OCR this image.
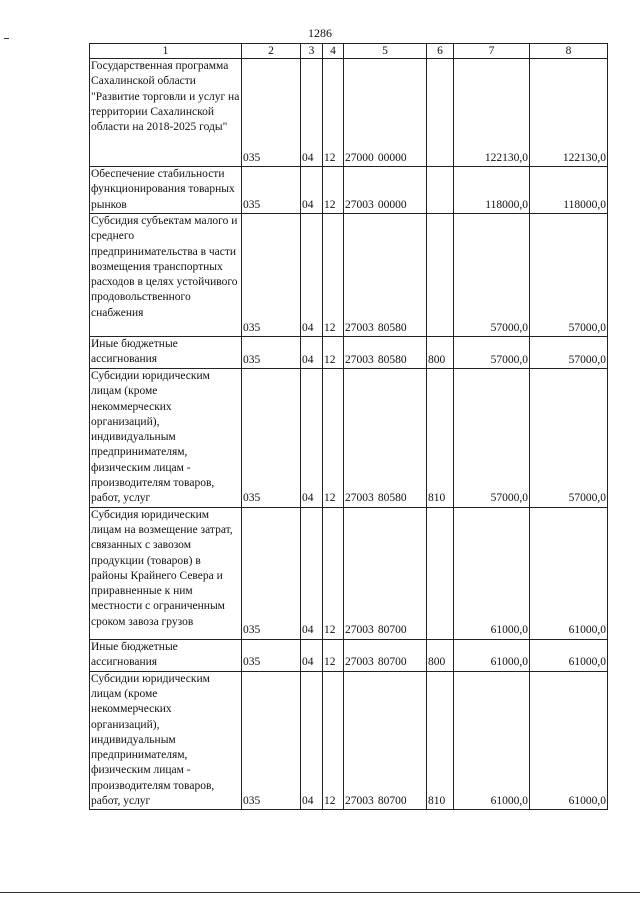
1286
1	2	3	4	5	6	7	8
Государственная программа Сахалинской области "Развитие торговли и услуг на территории Сахалинской области на 2018-2025 годы"	035	04	12	27000 00000		122130,0	122130,0
Обеспечение стабильности функционирования товарных рынков	035	04	12	27003 00000		118000,0	118000,0
Субсидия субъектам малого и среднего предпринимательства в части возмещения транспортных расходов в целях устойчивого продовольственного снабжения	035	04	12	27003 80580		57000,0	57000,0
Иные бюджетные ассигнования	035	04	12	27003 80580	800	57000,0	57000,0
Субсидии юридическим лицам (кроме некоммерческих организаций), индивидуальным предпринимателям, физическим лицам - производителям товаров, работ, услуг	035	04	12	27003 80580	810	57000,0	57000,0
Субсидия юридическим лицам на возмещение затрат, связанных с завозом продукции (товаров) в районы Крайнего Севера и приравненные к ним местности с ограниченным сроком завоза грузов	035	04	12	27003 80700		61000,0	61000,0
Иные бюджетные ассигнования	035	04	12	27003 80700	800	61000,0	61000,0
Субсидии юридическим лицам (кроме некоммерческих организаций), индивидуальным предпринимателям, физическим лицам - производителям товаров, работ, услуг	035	04	12	27003 80700	810	61000,0	61000,0
